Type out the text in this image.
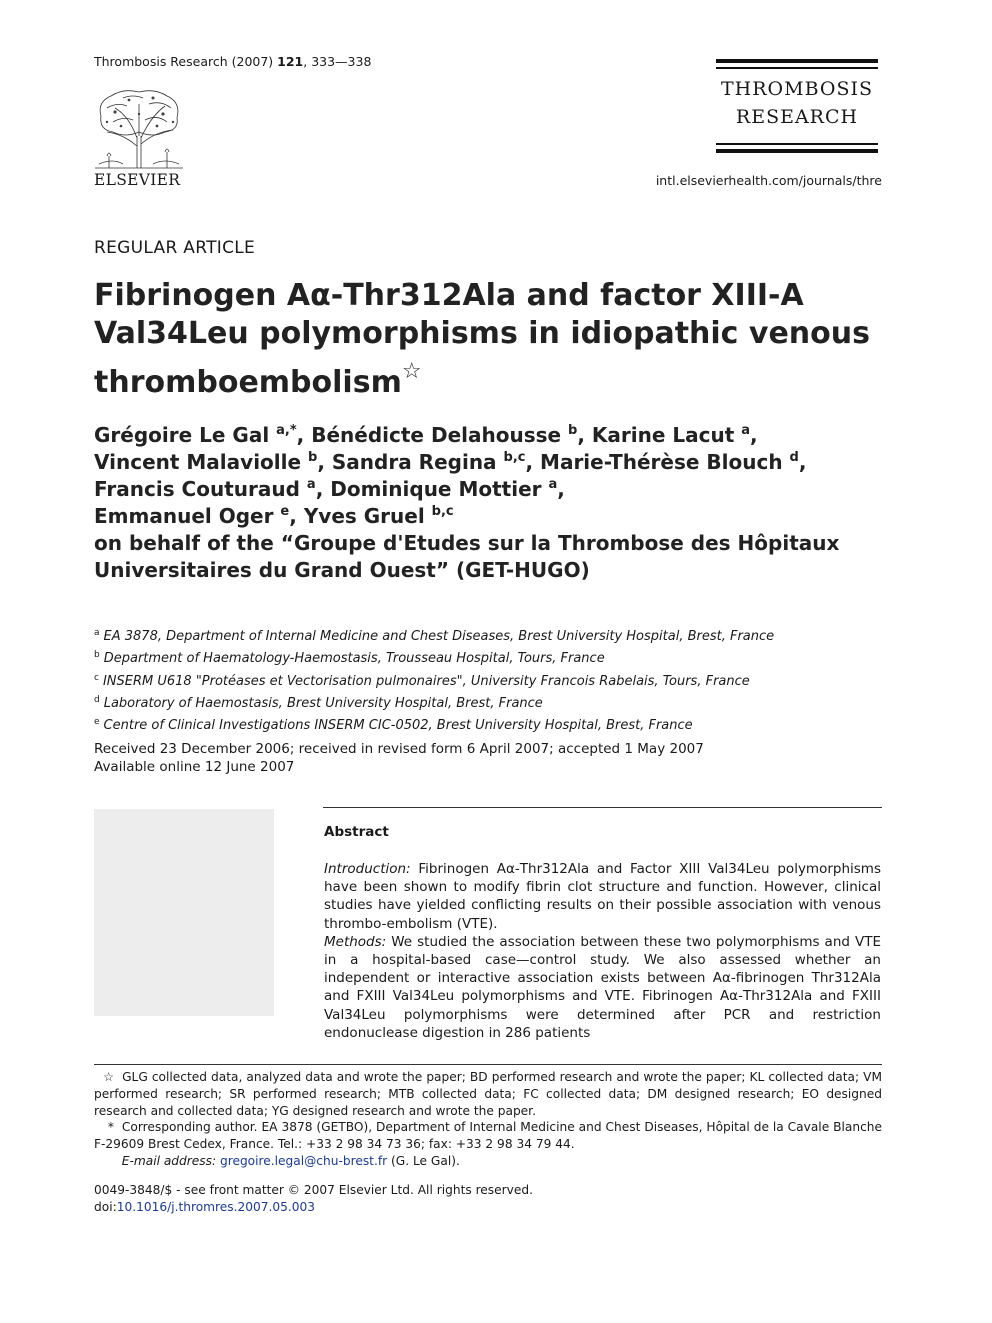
Thrombosis Research (2007) 121, 333—338
ELSEVIER
THROMBOSIS
RESEARCH
intl.elsevierhealth.com/journals/thre
REGULAR ARTICLE
Fibrinogen Aα-Thr312Ala and factor XIII-A
Val34Leu polymorphisms in idiopathic venous
thromboembolism☆
Grégoire Le Gal $^{a,*}$, Bénédicte Delahousse $^b$, Karine Lacut $^a$,
Vincent Malaviolle $^b$, Sandra Regina $^{b,c}$, Marie-Thérèse Blouch $^d$,
Francis Couturaud $^a$, Dominique Mottier $^a$,
Emmanuel Oger $^e$, Yves Gruel $^{b,c}$
on behalf of the “Groupe d'Etudes sur la Thrombose des Hôpitaux
Universitaires du Grand Ouest” (GET-HUGO)
$^a$ EA 3878, Department of Internal Medicine and Chest Diseases, Brest University Hospital, Brest, France
$^b$ Department of Haematology-Haemostasis, Trousseau Hospital, Tours, France
$^c$ INSERM U618 "Protéases et Vectorisation pulmonaires", University Francois Rabelais, Tours, France
$^d$ Laboratory of Haemostasis, Brest University Hospital, Brest, France
$^e$ Centre of Clinical Investigations INSERM CIC-0502, Brest University Hospital, Brest, France
Received 23 December 2006; received in revised form 6 April 2007; accepted 1 May 2007
Available online 12 June 2007
Abstract

Introduction: Fibrinogen Aα-Thr312Ala and Factor XIII Val34Leu polymorphisms have been shown to modify fibrin clot structure and function. However, clinical studies have yielded conflicting results on their possible association with venous thrombo-embolism (VTE).

Methods: We studied the association between these two polymorphisms and VTE in a hospital-based case—control study. We also assessed whether an independent or interactive association exists between Aα-fibrinogen Thr312Ala and FXIII Val34Leu polymorphisms and VTE. Fibrinogen Aα-Thr312Ala and FXIII Val34Leu polymorphisms were determined after PCR and restriction endonuclease digestion in 286 patients

☆ GLG collected data, analyzed data and wrote the paper; BD performed research and wrote the paper; KL collected data; VM performed research; SR performed research; MTB collected data; FC collected data; DM designed research; EO designed research and collected data; YG designed research and wrote the paper.

* Corresponding author. EA 3878 (GETBO), Department of Internal Medicine and Chest Diseases, Hôpital de la Cavale Blanche F-29609 Brest Cedex, France. Tel.: +33 2 98 34 73 36; fax: +33 2 98 34 79 44.

E-mail address: gregoire.legal@chu-brest.fr (G. Le Gal).

0049-3848/$ - see front matter © 2007 Elsevier Ltd. All rights reserved.
doi:10.1016/j.thromres.2007.05.003
